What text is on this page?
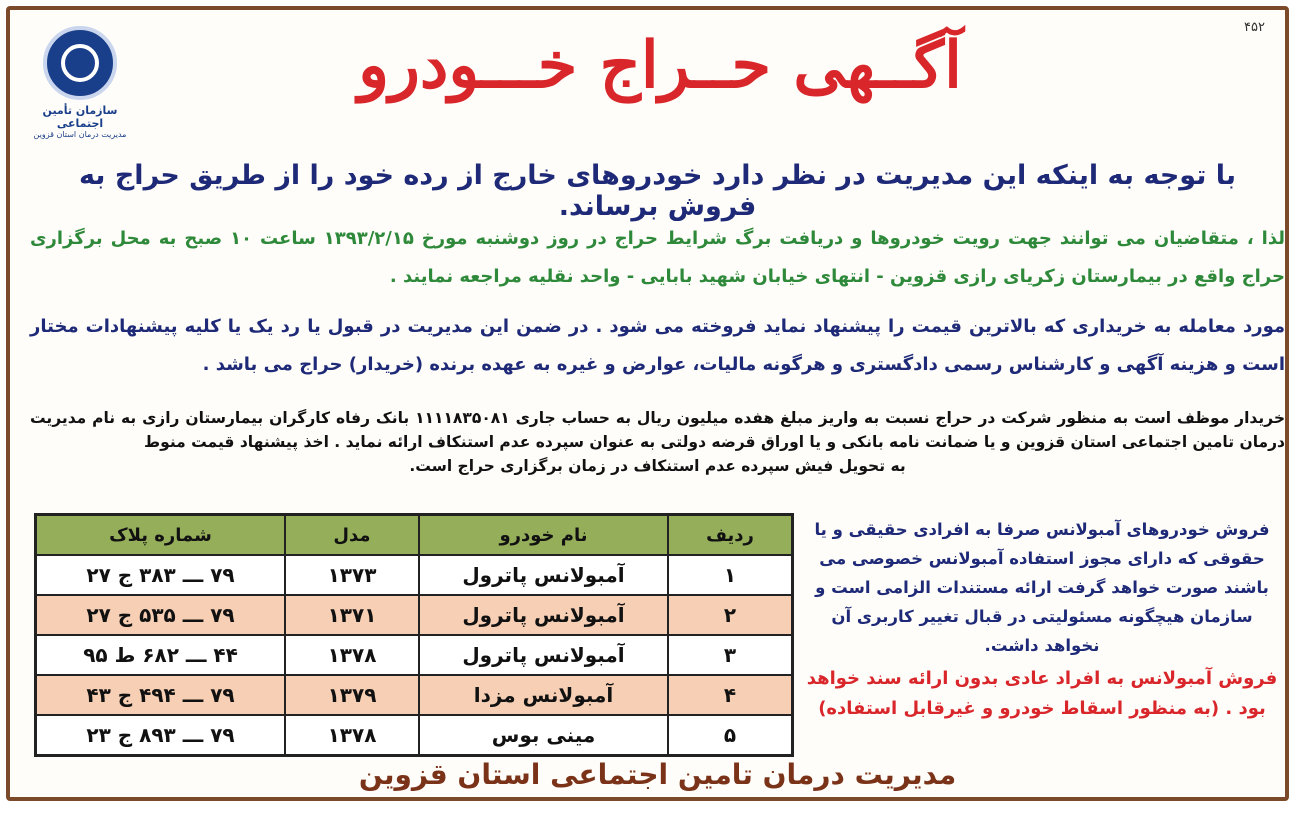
۴۵۲
سازمان تأمین اجتماعی
مدیریت درمان استان قزوین
آگــهی حــراج خـــودرو
با توجه به اینکه این مدیریت در نظر دارد خودروهای خارج از رده خود را از طریق حراج به فروش برساند.
لذا ، متقاضیان می توانند جهت رویت خودروها و دریافت برگ شرایط حراج در روز دوشنبه مورخ ۱۳۹۳/۲/۱۵ ساعت ۱۰ صبح به محل برگزاری حراج واقع در بیمارستان زکریای رازی قزوین - انتهای خیابان شهید بابایی - واحد نقلیه مراجعه نمایند .
مورد معامله به خریداری که بالاترین قیمت را پیشنهاد نماید فروخته می شود . در ضمن این مدیریت در قبول یا رد یک یا کلیه پیشنهادات مختار است و هزینه آگهی و کارشناس رسمی دادگستری و هرگونه مالیات، عوارض و غیره به عهده برنده (خریدار) حراج می باشد .
خریدار موظف است به منظور شرکت در حراج نسبت به واریز مبلغ هفده میلیون ریال به حساب جاری ۱۱۱۱۸۳۵۰۸۱ بانک رفاه کارگران بیمارستان رازی به نام مدیریت درمان تامین اجتماعی استان قزوین و یا ضمانت نامه بانکی و یا اوراق قرضه دولتی به عنوان سپرده عدم استنکاف ارائه نماید . اخذ پیشنهاد قیمت منوط
به تحویل فیش سپرده عدم استنکاف در زمان برگزاری حراج است.
ردیف	نام خودرو	مدل	شماره پلاک
۱	آمبولانس پاترول	۱۳۷۳	۷۹ ـــ ۳۸۳ ج ۲۷
۲	آمبولانس پاترول	۱۳۷۱	۷۹ ـــ ۵۳۵ ج ۲۷
۳	آمبولانس پاترول	۱۳۷۸	۴۴ ـــ ۶۸۲ ط ۹۵
۴	آمبولانس مزدا	۱۳۷۹	۷۹ ـــ ۴۹۴ ج ۴۳
۵	مینی بوس	۱۳۷۸	۷۹ ـــ ۸۹۳ ج ۲۳
فروش خودروهای آمبولانس صرفا به افرادی حقیقی و یا حقوقی که دارای مجوز استفاده آمبولانس خصوصی می باشند صورت خواهد گرفت ارائه مستندات الزامی است و سازمان هیچگونه مسئولیتی در قبال تغییر کاربری آن نخواهد داشت.
فروش آمبولانس به افراد عادی بدون ارائه سند خواهد بود . (به منظور اسقاط خودرو و غیرقابل استفاده)
مدیریت درمان تامین اجتماعی استان قزوین
